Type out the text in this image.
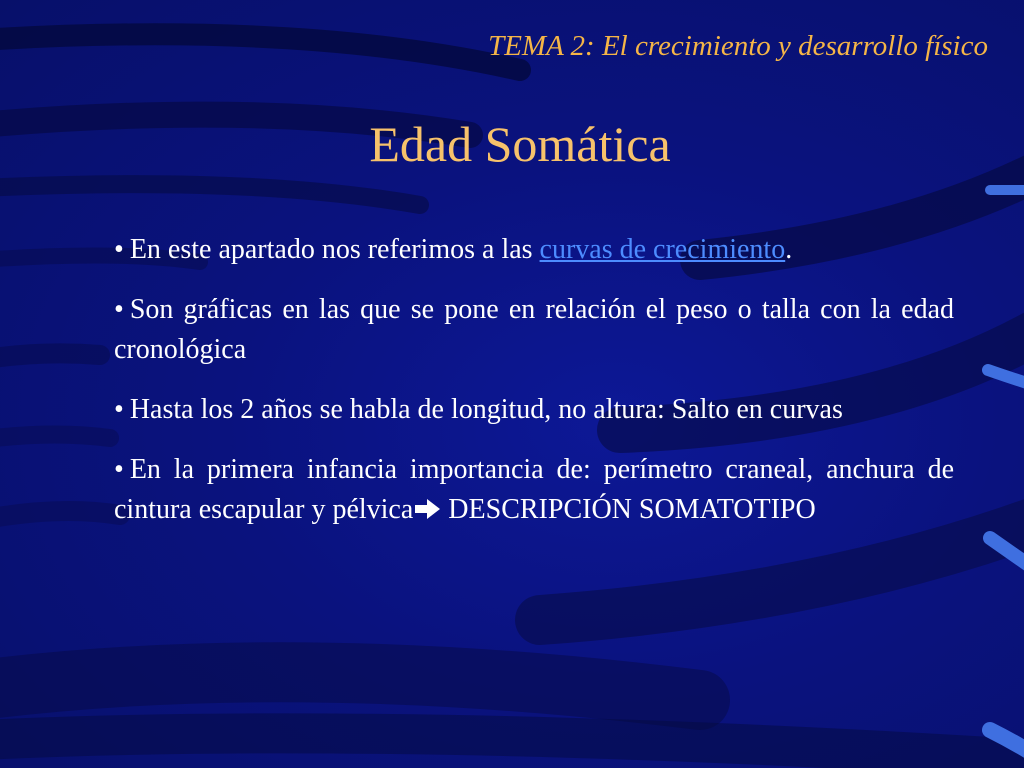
TEMA 2: El crecimiento y desarrollo físico
Edad Somática

• En este apartado nos referimos a las curvas de crecimiento.

• Son gráficas en las que se pone en relación el peso o talla con la edad cronológica

• Hasta los 2 años se habla de longitud, no altura: Salto en curvas

• En la primera infancia importancia de: perímetro craneal, anchura de cintura escapular y pélvica DESCRIPCIÓN SOMATOTIPO
